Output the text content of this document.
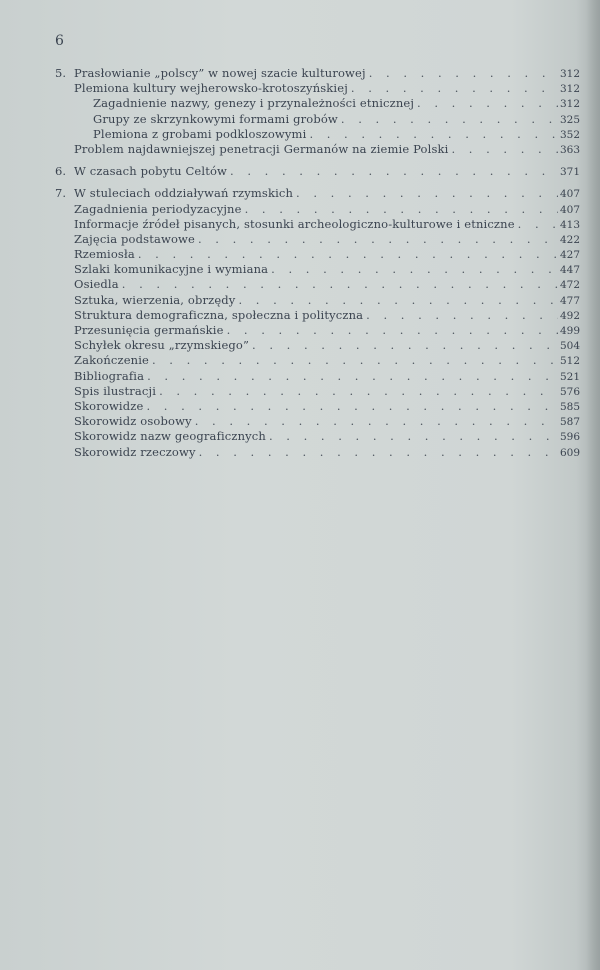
6
5. Prasłowianie „polscy” w nowej szacie kulturowej . . .	312
Plemiona kultury wejherowsko-krotoszyńskiej . . .	312
Zagadnienie nazwy, genezy i przynależności etnicznej . . .	312
Grupy ze skrzynkowymi formami grobów . . .	325
Plemiona z grobami podkloszowymi . . .	352
Problem najdawniejszej penetracji Germanów na ziemie Polski . . .	363
6. W czasach pobytu Celtów . . .	371
7. W stuleciach oddziaływań rzymskich . . .	407
Zagadnienia periodyzacyjne . . .	407
Informacje źródeł pisanych, stosunki archeologiczno-kulturowe i etniczne . . .	413
Zajęcia podstawowe . . .	422
Rzemiosła . . .	427
Szlaki komunikacyjne i wymiana . . .	447
Osiedla . . .	472
Sztuka, wierzenia, obrzędy . . .	477
Struktura demograficzna, społeczna i polityczna . . .	492
Przesunięcia germańskie . . .	499
Schyłek okresu „rzymskiego” . . .	504
Zakończenie . . .	512
Bibliografia . . .	521
Spis ilustracji . . .	576
Skorowidze . . .	585
Skorowidz osobowy . . .	587
Skorowidz nazw geograficznych . . .	596
Skorowidz rzeczowy . . .	609
